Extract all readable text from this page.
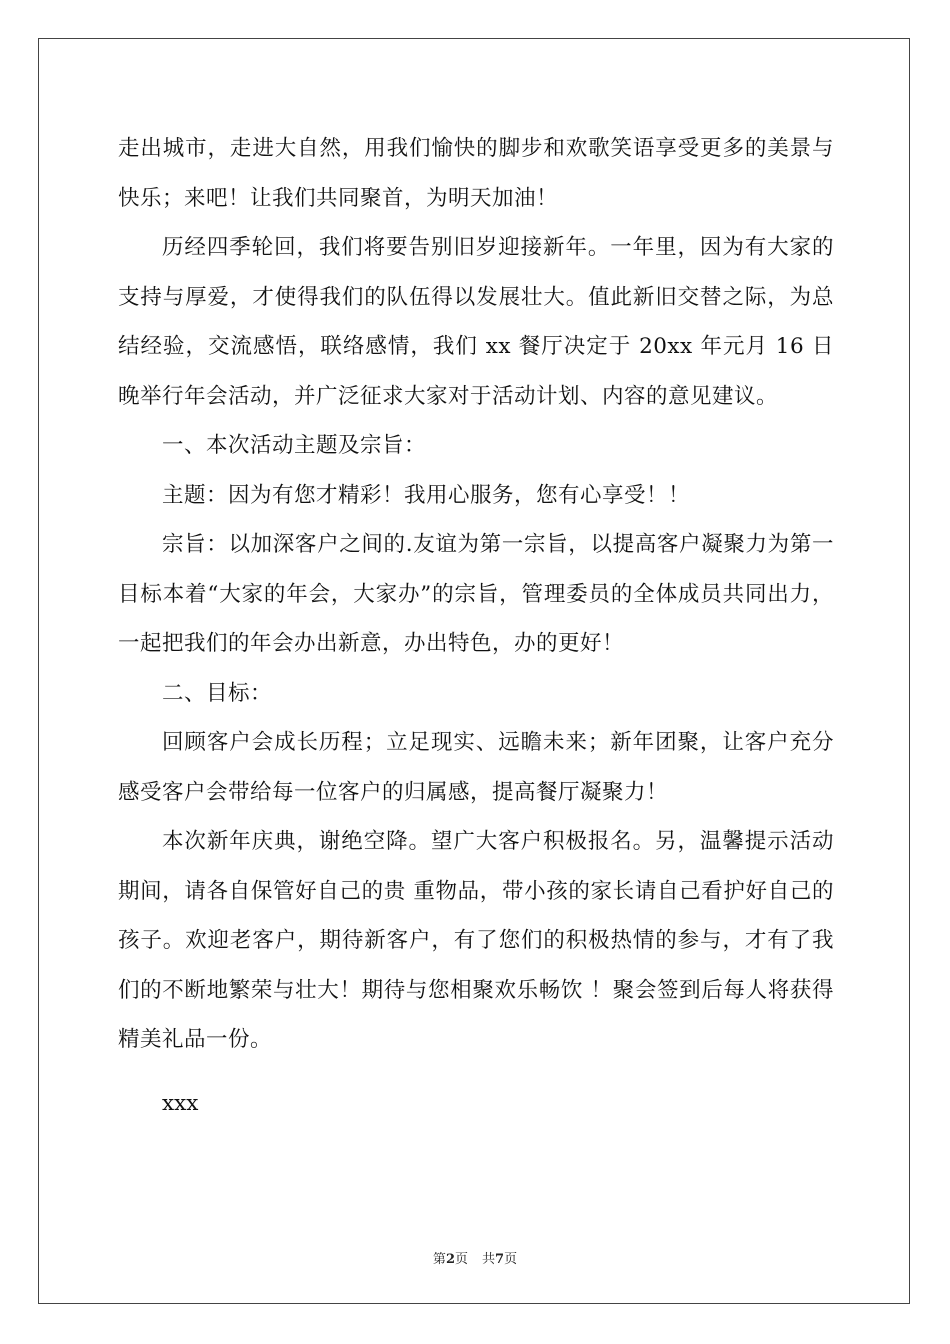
走出城市，走进大自然，用我们愉快的脚步和欢歌笑语享受更多的美景与快乐；来吧！让我们共同聚首，为明天加油！

历经四季轮回，我们将要告别旧岁迎接新年。一年里，因为有大家的支持与厚爱，才使得我们的队伍得以发展壮大。值此新旧交替之际，为总结经验，交流感悟，联络感情，我们 xx 餐厅决定于 20xx 年元月 16 日晚举行年会活动，并广泛征求大家对于活动计划、内容的意见建议。

一、本次活动主题及宗旨：

主题：因为有您才精彩！我用心服务，您有心享受！！

宗旨：以加深客户之间的.友谊为第一宗旨，以提高客户凝聚力为第一目标本着“大家的年会，大家办”的宗旨，管理委员的全体成员共同出力，一起把我们的年会办出新意，办出特色，办的更好！

二、目标：

回顾客户会成长历程；立足现实、远瞻未来；新年团聚，让客户充分感受客户会带给每一位客户的归属感，提高餐厅凝聚力！

本次新年庆典，谢绝空降。望广大客户积极报名。另，温馨提示活动期间，请各自保管好自己的贵 重物品，带小孩的家长请自己看护好自己的孩子。欢迎老客户，期待新客户，有了您们的积极热情的参与，才有了我们的不断地繁荣与壮大！期待与您相聚欢乐畅饮 ！聚会签到后每人将获得精美礼品一份。

xxx

第2页 共7页
